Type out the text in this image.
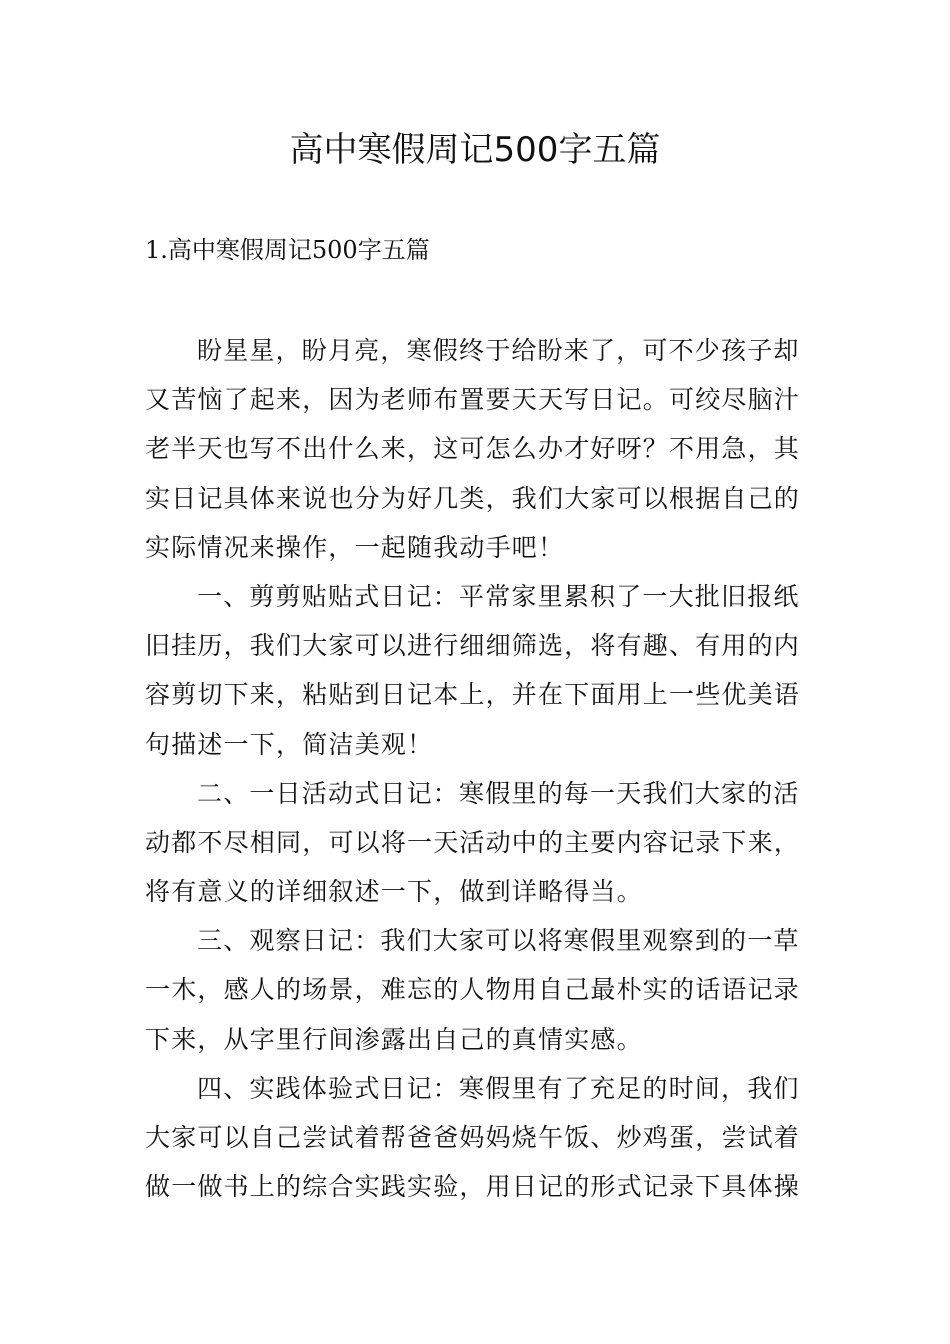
高中寒假周记500字五篇
1.高中寒假周记500字五篇
盼星星，盼月亮，寒假终于给盼来了，可不少孩子却
又苦恼了起来，因为老师布置要天天写日记。可绞尽脑汁
老半天也写不出什么来，这可怎么办才好呀？不用急，其
实日记具体来说也分为好几类，我们大家可以根据自己的
实际情况来操作，一起随我动手吧！
一、剪剪贴贴式日记：平常家里累积了一大批旧报纸
旧挂历，我们大家可以进行细细筛选，将有趣、有用的内
容剪切下来，粘贴到日记本上，并在下面用上一些优美语
句描述一下，简洁美观！
二、一日活动式日记：寒假里的每一天我们大家的活
动都不尽相同，可以将一天活动中的主要内容记录下来，
将有意义的详细叙述一下，做到详略得当。
三、观察日记：我们大家可以将寒假里观察到的一草
一木，感人的场景，难忘的人物用自己最朴实的话语记录
下来，从字里行间渗露出自己的真情实感。
四、实践体验式日记：寒假里有了充足的时间，我们
大家可以自己尝试着帮爸爸妈妈烧午饭、炒鸡蛋，尝试着
做一做书上的综合实践实验，用日记的形式记录下具体操
